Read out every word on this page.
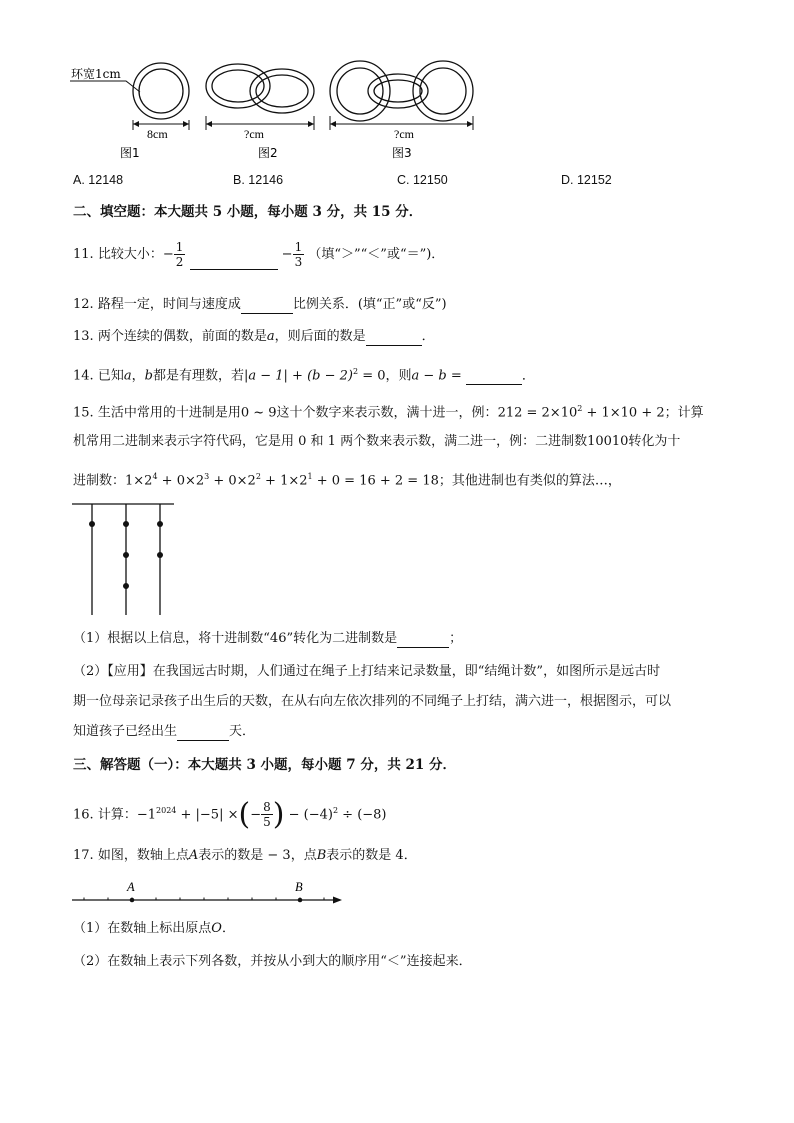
环宽1cm
8cm
图1
?cm
图2
?cm
图3
A. 12148	B. 12146	C. 12150	D. 12152
二、填空题：本大题共 5 小题，每小题 3 分，共 15 分．
11. 比较大小：− $\frac{1}{2}$	− $\frac{1}{3}$ （填“＞”“＜”或“＝”)．
12. 路程一定，时间与速度成	比例关系．(填“正”或“反”)
13. 两个连续的偶数，前面的数是a，则后面的数是	．
14. 已知a，b都是有理数，若$|a - 1| + (b - 2)^2 = 0$，则a − b =	．
15. 生活中常用的十进制是用0 ~ 9这十个数字来表示数，满十进一，例：$212 = 2\times 10^2 + 1\times 10 + 2$；计算
机常用二进制来表示字符代码，它是用 0 和 1 两个数来表示数，满二进一，例：二进制数10010转化为十
进制数：$1\times 2^4 + 0\times 2^3 + 0\times 2^2 + 1\times 2^1 + 0 = 16 + 2 = 18$；其他进制也有类似的算法…，
（1）根据以上信息，将十进制数“46”转化为二进制数是	；
（2）【应用】在我国远古时期，人们通过在绳子上打结来记录数量，即“结绳计数”，如图所示是远古时
期一位母亲记录孩子出生后的天数，在从右向左依次排列的不同绳子上打结，满六进一，根据图示，可以
知道孩子已经出生	天．
三、解答题（一）：本大题共 3 小题，每小题 7 分，共 21 分．
16. 计算：$-1^{2024} + |-5|$ ×(− $\frac{8}{5}$ ) − $(-4)^2 \div (-8)$
17. 如图，数轴上点A表示的数是 − 3，点B表示的数是 4．
A	B
（1）在数轴上标出原点O．
（2）在数轴上表示下列各数，并按从小到大的顺序用“＜”连接起来．
